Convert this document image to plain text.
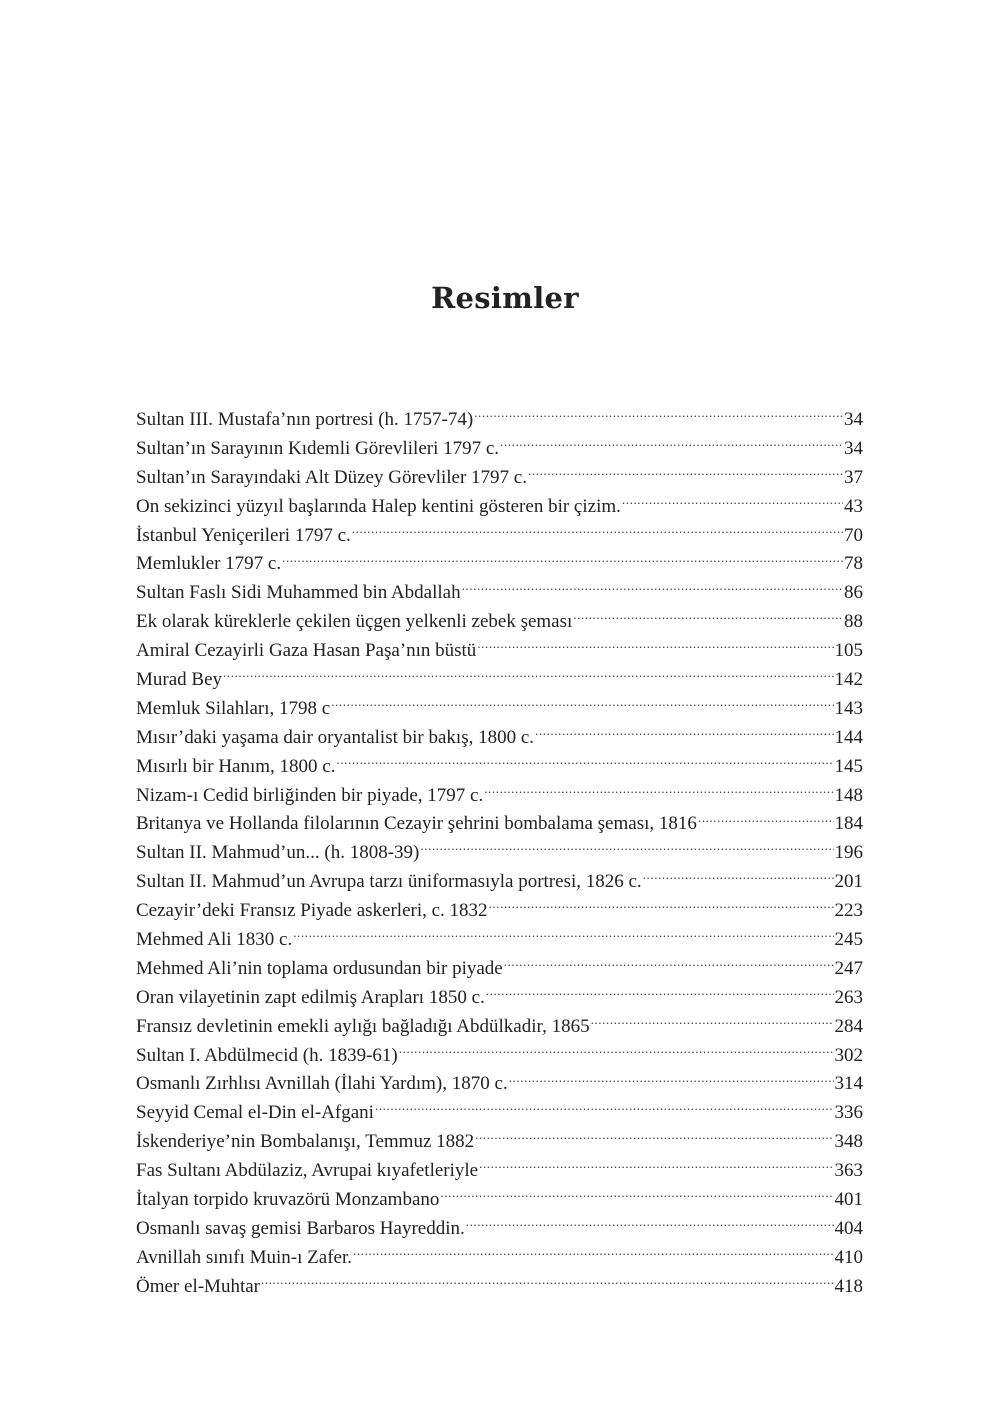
Resimler
Sultan III. Mustafa’nın portresi (h. 1757-74) .....	34
Sultan’ın Sarayının Kıdemli Görevlileri 1797 c. .....	34
Sultan’ın Sarayındaki Alt Düzey Görevliler 1797 c. .....	37
On sekizinci yüzyıl başlarında Halep kentini gösteren bir çizim. .....	43
İstanbul Yeniçerileri 1797 c. .....	70
Memlukler 1797 c. .....	78
Sultan Faslı Sidi Muhammed bin Abdallah .....	86
Ek olarak küreklerle çekilen üçgen yelkenli zebek şeması .....	88
Amiral Cezayirli Gaza Hasan Paşa’nın büstü .....	105
Murad Bey .....	142
Memluk Silahları, 1798 c .....	143
Mısır’daki yaşama dair oryantalist bir bakış, 1800 c. .....	144
Mısırlı bir Hanım, 1800 c. .....	145
Nizam-ı Cedid birliğinden bir piyade, 1797 c. .....	148
Britanya ve Hollanda filolarının Cezayir şehrini bombalama şeması, 1816 .....	184
Sultan II. Mahmud’un... (h. 1808-39) .....	196
Sultan II. Mahmud’un Avrupa tarzı üniformasıyla portresi, 1826 c. .....	201
Cezayir’deki Fransız Piyade askerleri, c. 1832 .....	223
Mehmed Ali 1830 c. .....	245
Mehmed Ali’nin toplama ordusundan bir piyade .....	247
Oran vilayetinin zapt edilmiş Arapları 1850 c. .....	263
Fransız devletinin emekli aylığı bağladığı Abdülkadir, 1865 .....	284
Sultan I. Abdülmecid (h. 1839-61) .....	302
Osmanlı Zırhlısı Avnillah (İlahi Yardım), 1870 c. .....	314
Seyyid Cemal el-Din el-Afgani .....	336
İskenderiye’nin Bombalanışı, Temmuz 1882 .....	348
Fas Sultanı Abdülaziz, Avrupai kıyafetleriyle .....	363
İtalyan torpido kruvazörü Monzambano .....	401
Osmanlı savaş gemisi Barbaros Hayreddin. .....	404
Avnillah sınıfı Muin-ı Zafer. .....	410
Ömer el-Muhtar .....	418
